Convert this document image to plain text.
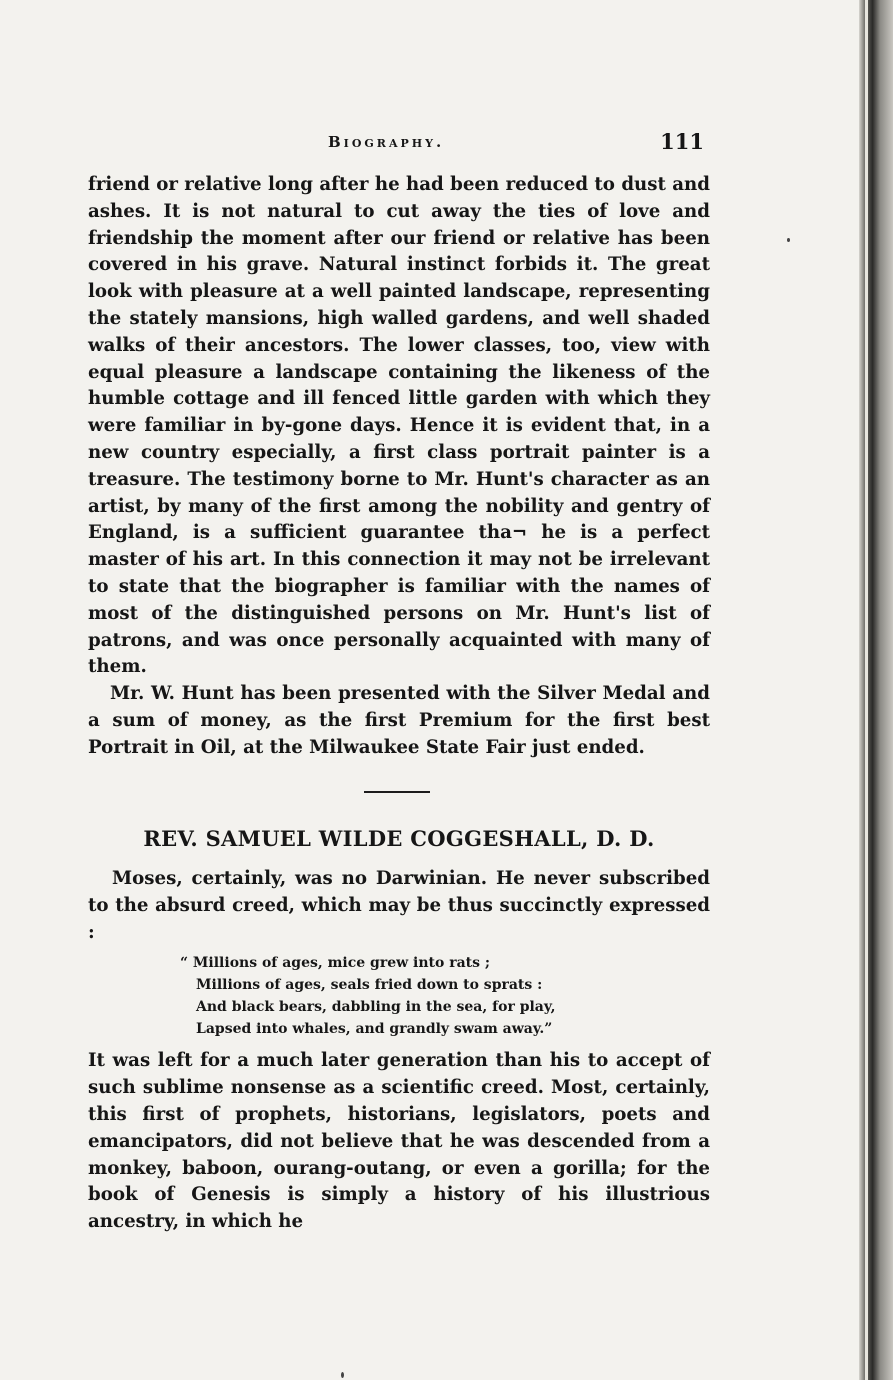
Biography.	111

friend or relative long after he had been reduced to dust and ashes. It is not natural to cut away the ties of love and friendship the moment after our friend or relative has been covered in his grave. Natural instinct forbids it. The great look with pleasure at a well painted landscape, representing the stately mansions, high walled gardens, and well shaded walks of their ancestors. The lower classes, too, view with equal pleasure a landscape containing the likeness of the humble cottage and ill fenced little garden with which they were familiar in by-gone days. Hence it is evident that, in a new country especially, a first class portrait painter is a treasure. The testimony borne to Mr. Hunt's character as an artist, by many of the first among the nobility and gentry of England, is a sufficient guarantee tha¬ he is a perfect master of his art. In this connection it may not be irrelevant to state that the biographer is familiar with the names of most of the distinguished persons on Mr. Hunt's list of patrons, and was once personally acquainted with many of them.

Mr. W. Hunt has been presented with the Silver Medal and a sum of money, as the first Premium for the first best Portrait in Oil, at the Milwaukee State Fair just ended.

REV. SAMUEL WILDE COGGESHALL, D. D.

Moses, certainly, was no Darwinian. He never subscribed to the absurd creed, which may be thus succinctly expressed :

“ Millions of ages, mice grew into rats ;
Millions of ages, seals fried down to sprats :
And black bears, dabbling in the sea, for play,
Lapsed into whales, and grandly swam away.”

It was left for a much later generation than his to accept of such sublime nonsense as a scientific creed. Most, certainly, this first of prophets, historians, legislators, poets and emancipators, did not believe that he was descended from a monkey, baboon, ourang-outang, or even a gorilla; for the book of Genesis is simply a history of his illustrious ancestry, in which he
